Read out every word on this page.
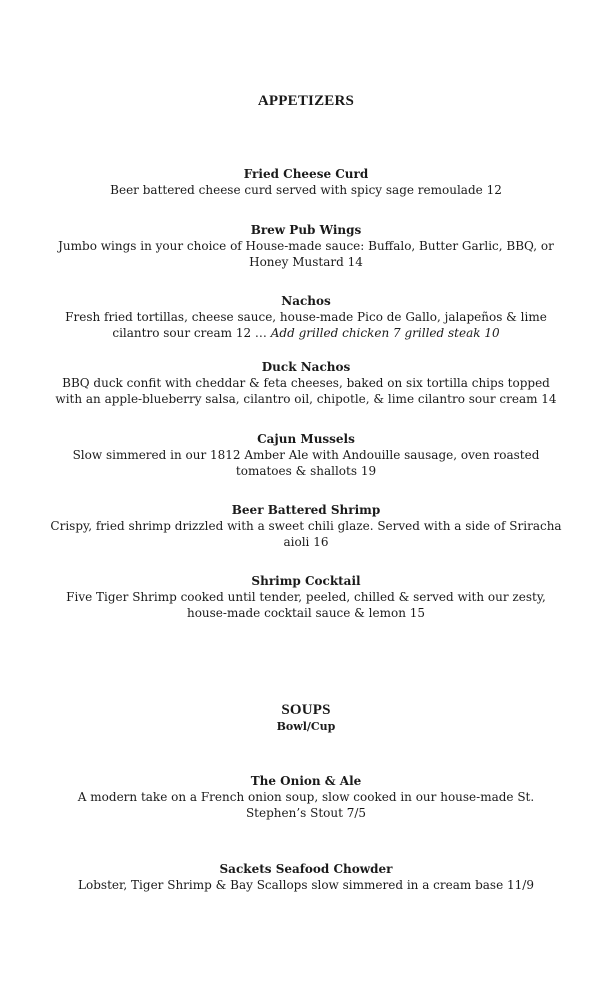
APPETIZERS
Fried Cheese Curd
Beer battered cheese curd served with spicy sage remoulade 12
Brew Pub Wings
Jumbo wings in your choice of House-made sauce: Buffalo, Butter Garlic, BBQ, or Honey Mustard 14
Nachos
Fresh fried tortillas, cheese sauce, house-made Pico de Gallo, jalapeños & lime cilantro sour cream 12 … Add grilled chicken 7 grilled steak 10
Duck Nachos
BBQ duck confit with cheddar & feta cheeses, baked on six tortilla chips topped with an apple-blueberry salsa, cilantro oil, chipotle, & lime cilantro sour cream 14
Cajun Mussels
Slow simmered in our 1812 Amber Ale with Andouille sausage, oven roasted tomatoes & shallots 19
Beer Battered Shrimp
Crispy, fried shrimp drizzled with a sweet chili glaze. Served with a side of Sriracha aioli 16
Shrimp Cocktail
Five Tiger Shrimp cooked until tender, peeled, chilled & served with our zesty, house-made cocktail sauce & lemon 15
SOUPS
Bowl/Cup
The Onion & Ale
A modern take on a French onion soup, slow cooked in our house-made St. Stephen’s Stout 7/5
Sackets Seafood Chowder
Lobster, Tiger Shrimp & Bay Scallops slow simmered in a cream base 11/9
